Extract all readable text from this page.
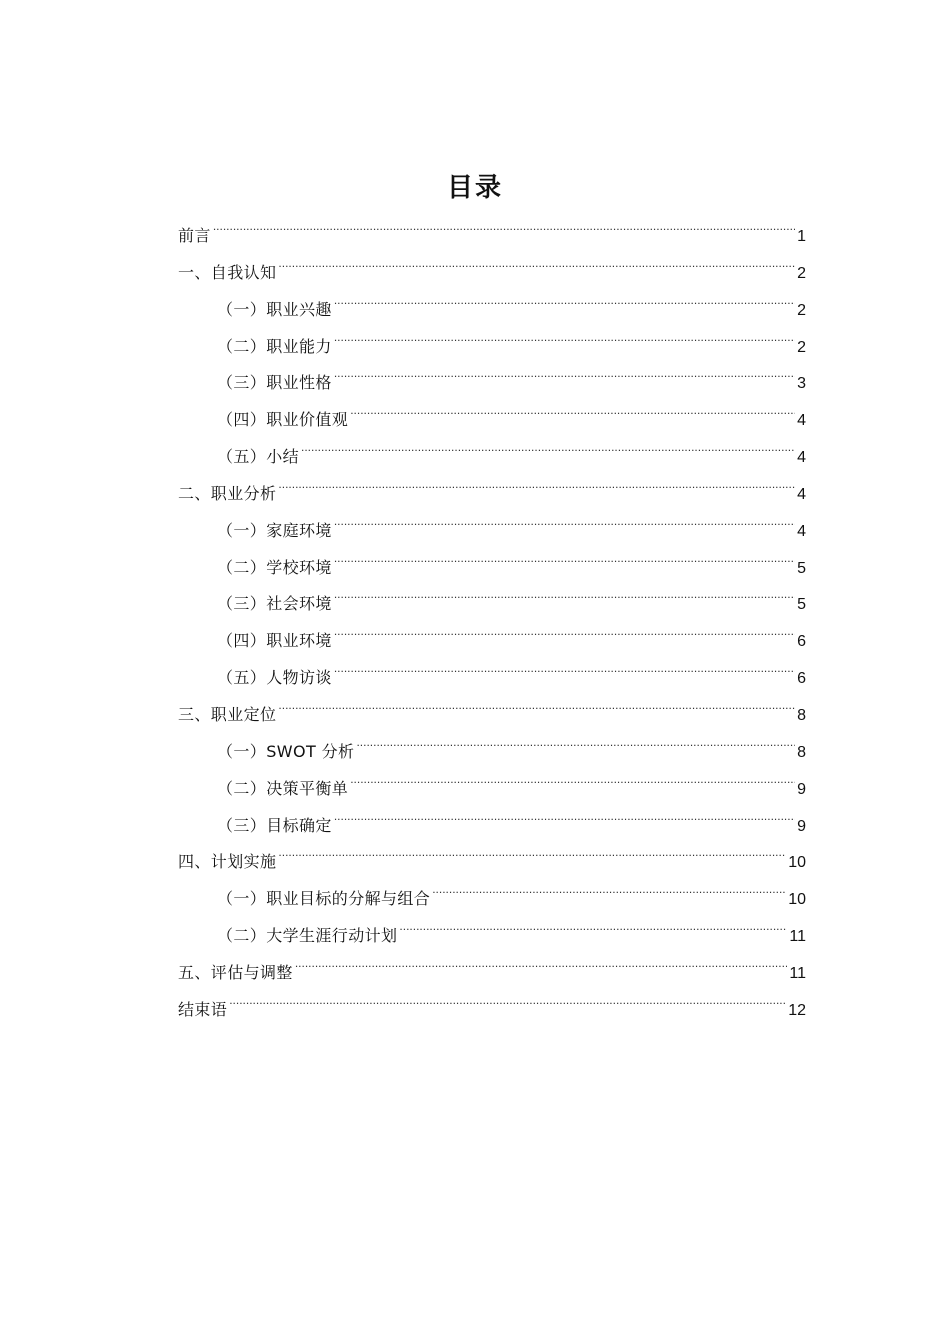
目录
前言 .....	1
一、自我认知 .....	2
（一）职业兴趣 .....	2
（二）职业能力 .....	2
（三）职业性格 .....	3
（四）职业价值观 .....	4
（五）小结 .....	4
二、职业分析 .....	4
（一）家庭环境 .....	4
（二）学校环境 .....	5
（三）社会环境 .....	5
（四）职业环境 .....	6
（五）人物访谈 .....	6
三、职业定位 .....	8
（一）SWOT 分析 .....	8
（二）决策平衡单 .....	9
（三）目标确定 .....	9
四、计划实施 .....	10
（一）职业目标的分解与组合 .....	10
（二）大学生涯行动计划 .....	11
五、评估与调整 .....	11
结束语 .....	12
